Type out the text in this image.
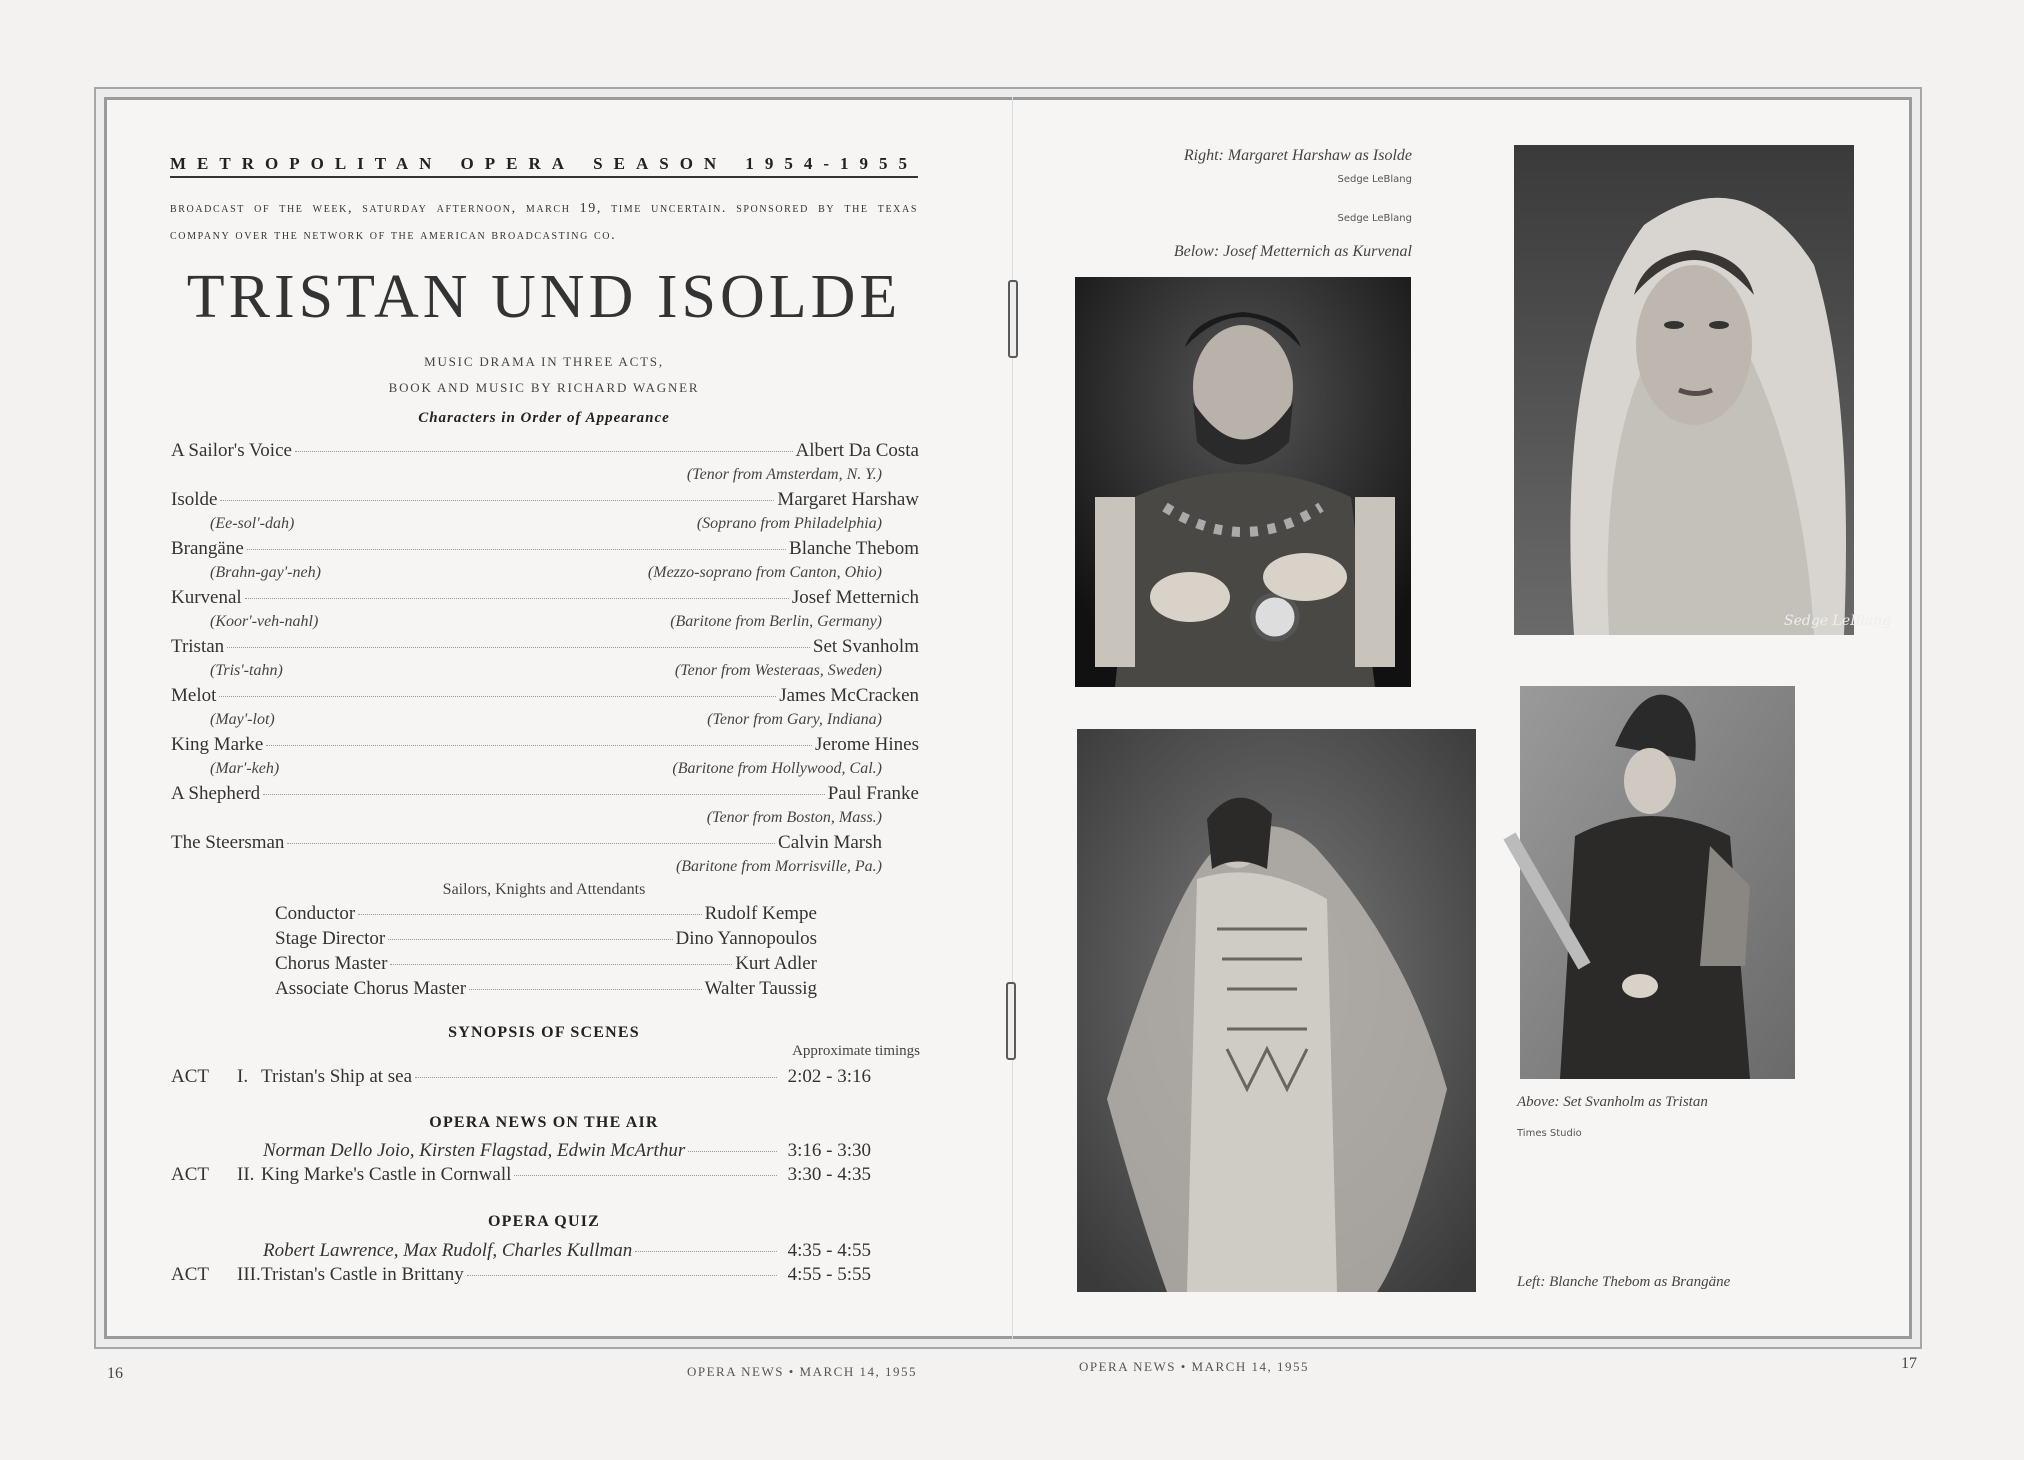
METROPOLITAN OPERA SEASON 1954-1955
broadcast of the week, saturday afternoon, march 19, time uncertain. sponsored by the texas company over the network of the american broadcasting co.
TRISTAN UND ISOLDE
MUSIC DRAMA IN THREE ACTS,
BOOK AND MUSIC BY RICHARD WAGNER
Characters in Order of Appearance
A Sailor's Voice	Albert Da Costa
(Tenor from Amsterdam, N. Y.)
Isolde	Margaret Harshaw
(Ee-sol'-dah)	(Soprano from Philadelphia)
Brangäne	Blanche Thebom
(Brahn-gay'-neh)	(Mezzo-soprano from Canton, Ohio)
Kurvenal	Josef Metternich
(Koor'-veh-nahl)	(Baritone from Berlin, Germany)
Tristan	Set Svanholm
(Tris'-tahn)	(Tenor from Westeraas, Sweden)
Melot	James McCracken
(May'-lot)	(Tenor from Gary, Indiana)
King Marke	Jerome Hines
(Mar'-keh)	(Baritone from Hollywood, Cal.)
A Shepherd	Paul Franke
(Tenor from Boston, Mass.)
The Steersman	Calvin Marsh
(Baritone from Morrisville, Pa.)
Sailors, Knights and Attendants
Conductor	Rudolf Kempe
Stage Director	Dino Yannopoulos
Chorus Master	Kurt Adler
Associate Chorus Master	Walter Taussig
SYNOPSIS OF SCENES
Approximate timings
ACT	I. Tristan's Ship at sea	2:02 - 3:16
OPERA NEWS ON THE AIR
Norman Dello Joio, Kirsten Flagstad, Edwin McArthur	3:16 - 3:30
ACT	II. King Marke's Castle in Cornwall	3:30 - 4:35
OPERA QUIZ
Robert Lawrence, Max Rudolf, Charles Kullman	4:35 - 4:55
ACT	III. Tristan's Castle in Brittany	4:55 - 5:55
Right: Margaret Harshaw as Isolde
Sedge LeBlang
Sedge LeBlang
Below: Josef Metternich as Kurvenal
Sedge LeBlang
Above: Set Svanholm as Tristan
Times Studio
Left: Blanche Thebom as Brangäne
16	OPERA NEWS • MARCH 14, 1955	OPERA NEWS • MARCH 14, 1955	17
